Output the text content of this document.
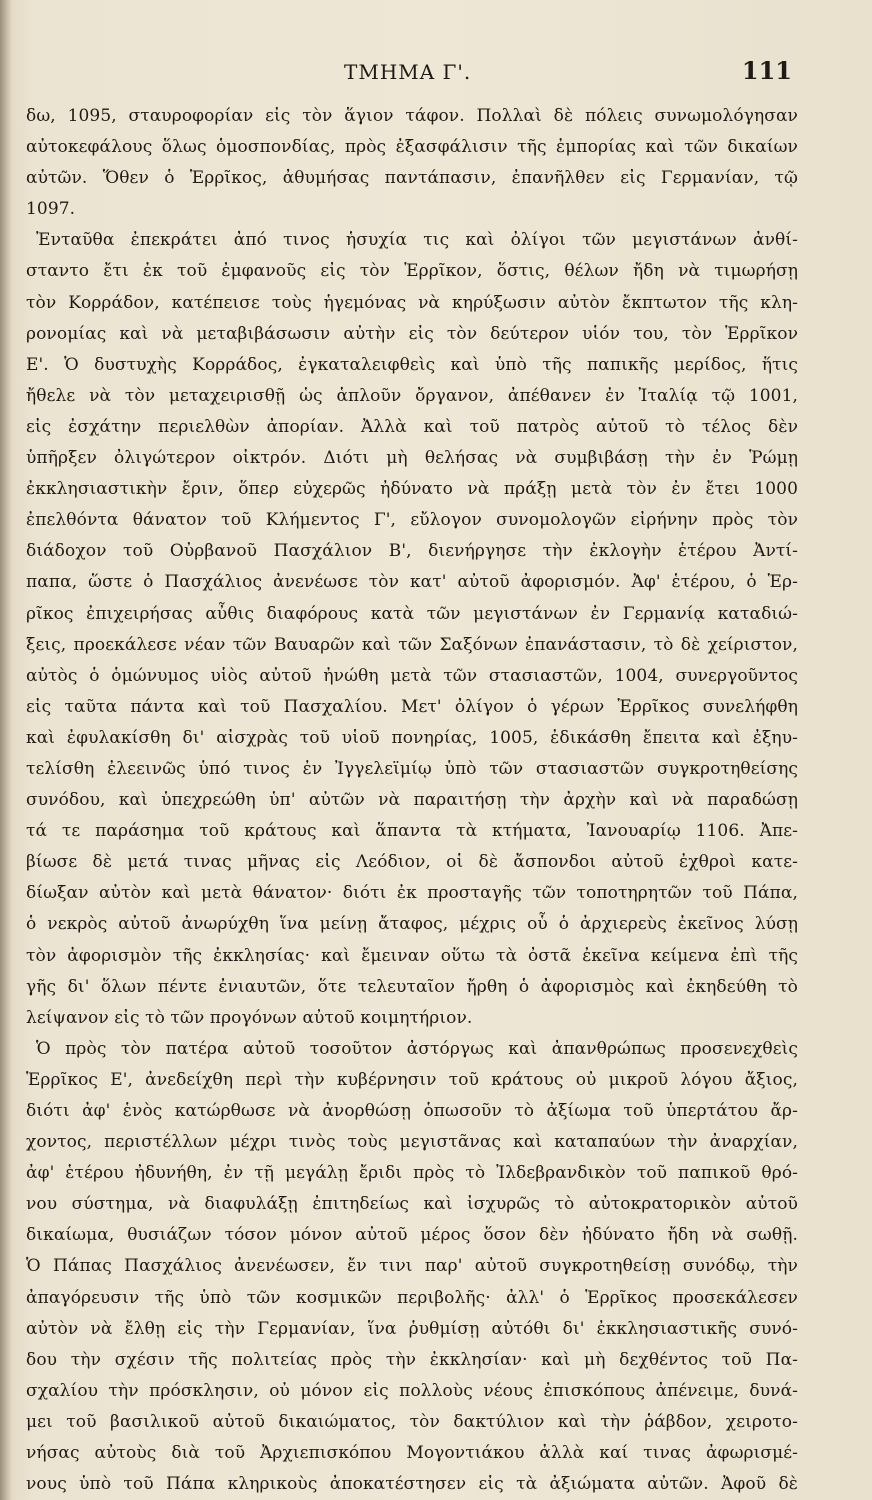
ΤΜΗΜΑ Γ'.	111
δω, 1095, σταυροφορίαν εἰς τὸν ἅγιον τάφον. Πολλαὶ δὲ πόλεις συνωμολόγησαν
αὐτοκεφάλους ὅλως ὁμοσπονδίας, πρὸς ἐξασφάλισιν τῆς ἐμπορίας καὶ τῶν δικαίων
αὐτῶν. Ὅθεν ὁ Ἑρρῖκος, ἀθυμήσας παντάπασιν, ἐπανῆλθεν εἰς Γερμανίαν, τῷ
1097.
Ἐνταῦθα ἐπεκράτει ἀπό τινος ἡσυχία τις καὶ ὀλίγοι τῶν μεγιστάνων ἀνθί-
σταντο ἔτι ἐκ τοῦ ἐμφανοῦς εἰς τὸν Ἑρρῖκον, ὅστις, θέλων ἤδη νὰ τιμωρήσῃ
τὸν Κορράδον, κατέπεισε τοὺς ἡγεμόνας νὰ κηρύξωσιν αὐτὸν ἔκπτωτον τῆς κλη-
ρονομίας καὶ νὰ μεταβιβάσωσιν αὐτὴν εἰς τὸν δεύτερον υἱόν του, τὸν Ἑρρῖκον
Ε'. Ὁ δυστυχὴς Κορράδος, ἐγκαταλειφθεὶς καὶ ὑπὸ τῆς παπικῆς μερίδος, ἥτις
ἤθελε νὰ τὸν μεταχειρισθῇ ὡς ἁπλοῦν ὄργανον, ἀπέθανεν ἐν Ἰταλίᾳ τῷ 1001,
εἰς ἐσχάτην περιελθὼν ἀπορίαν. Ἀλλὰ καὶ τοῦ πατρὸς αὐτοῦ τὸ τέλος δὲν
ὑπῆρξεν ὀλιγώτερον οἰκτρόν. Διότι μὴ θελήσας νὰ συμβιβάσῃ τὴν ἐν Ῥώμῃ
ἐκκλησιαστικὴν ἔριν, ὅπερ εὐχερῶς ἠδύνατο νὰ πράξῃ μετὰ τὸν ἐν ἔτει 1000
ἐπελθόντα θάνατον τοῦ Κλήμεντος Γ', εὔλογον συνομολογῶν εἰρήνην πρὸς τὸν
διάδοχον τοῦ Οὐρβανοῦ Πασχάλιον Β', διενήργησε τὴν ἐκλογὴν ἑτέρου Ἀντί-
παπα, ὥστε ὁ Πασχάλιος ἀνενέωσε τὸν κατ' αὐτοῦ ἀφορισμόν. Ἀφ' ἑτέρου, ὁ Ἑρ-
ρῖκος ἐπιχειρήσας αὖθις διαφόρους κατὰ τῶν μεγιστάνων ἐν Γερμανίᾳ καταδιώ-
ξεις, προεκάλεσε νέαν τῶν Βαυαρῶν καὶ τῶν Σαξόνων ἐπανάστασιν, τὸ δὲ χείριστον,
αὐτὸς ὁ ὁμώνυμος υἱὸς αὐτοῦ ἠνώθη μετὰ τῶν στασιαστῶν, 1004, συνεργοῦντος
εἰς ταῦτα πάντα καὶ τοῦ Πασχαλίου. Μετ' ὀλίγον ὁ γέρων Ἑρρῖκος συνελήφθη
καὶ ἐφυλακίσθη δι' αἰσχρὰς τοῦ υἱοῦ πονηρίας, 1005, ἐδικάσθη ἔπειτα καὶ ἐξηυ-
τελίσθη ἐλεεινῶς ὑπό τινος ἐν Ἰγγελεϊμίῳ ὑπὸ τῶν στασιαστῶν συγκροτηθείσης
συνόδου, καὶ ὑπεχρεώθη ὑπ' αὐτῶν νὰ παραιτήσῃ τὴν ἀρχὴν καὶ νὰ παραδώσῃ
τά τε παράσημα τοῦ κράτους καὶ ἅπαντα τὰ κτήματα, Ἰανουαρίῳ 1106. Ἀπε-
βίωσε δὲ μετά τινας μῆνας εἰς Λεόδιον, οἱ δὲ ἄσπονδοι αὐτοῦ ἐχθροὶ κατε-
δίωξαν αὐτὸν καὶ μετὰ θάνατον· διότι ἐκ προσταγῆς τῶν τοποτηρητῶν τοῦ Πάπα,
ὁ νεκρὸς αὐτοῦ ἀνωρύχθη ἵνα μείνῃ ἄταφος, μέχρις οὗ ὁ ἀρχιερεὺς ἐκεῖνος λύσῃ
τὸν ἀφορισμὸν τῆς ἐκκλησίας· καὶ ἔμειναν οὕτω τὰ ὀστᾶ ἐκεῖνα κείμενα ἐπὶ τῆς
γῆς δι' ὅλων πέντε ἐνιαυτῶν, ὅτε τελευταῖον ἤρθη ὁ ἀφορισμὸς καὶ ἐκηδεύθη τὸ
λείψανον εἰς τὸ τῶν προγόνων αὐτοῦ κοιμητήριον.
Ὁ πρὸς τὸν πατέρα αὐτοῦ τοσοῦτον ἀστόργως καὶ ἀπανθρώπως προσενεχθεὶς
Ἑρρῖκος Ε', ἀνεδείχθη περὶ τὴν κυβέρνησιν τοῦ κράτους οὐ μικροῦ λόγου ἄξιος,
διότι ἀφ' ἑνὸς κατώρθωσε νὰ ἀνορθώσῃ ὁπωσοῦν τὸ ἀξίωμα τοῦ ὑπερτάτου ἄρ-
χοντος, περιστέλλων μέχρι τινὸς τοὺς μεγιστᾶνας καὶ καταπαύων τὴν ἀναρχίαν,
ἀφ' ἑτέρου ἠδυνήθη, ἐν τῇ μεγάλῃ ἔριδι πρὸς τὸ Ἰλδεβρανδικὸν τοῦ παπικοῦ θρό-
νου σύστημα, νὰ διαφυλάξῃ ἐπιτηδείως καὶ ἰσχυρῶς τὸ αὐτοκρατορικὸν αὐτοῦ
δικαίωμα, θυσιάζων τόσον μόνον αὐτοῦ μέρος ὅσον δὲν ἠδύνατο ἤδη νὰ σωθῇ.
Ὁ Πάπας Πασχάλιος ἀνενέωσεν, ἔν τινι παρ' αὐτοῦ συγκροτηθείσῃ συνόδῳ, τὴν
ἀπαγόρευσιν τῆς ὑπὸ τῶν κοσμικῶν περιβολῆς· ἀλλ' ὁ Ἑρρῖκος προσεκάλεσεν
αὐτὸν νὰ ἔλθῃ εἰς τὴν Γερμανίαν, ἵνα ῥυθμίσῃ αὐτόθι δι' ἐκκλησιαστικῆς συνό-
δου τὴν σχέσιν τῆς πολιτείας πρὸς τὴν ἐκκλησίαν· καὶ μὴ δεχθέντος τοῦ Πα-
σχαλίου τὴν πρόσκλησιν, οὐ μόνον εἰς πολλοὺς νέους ἐπισκόπους ἀπένειμε, δυνά-
μει τοῦ βασιλικοῦ αὐτοῦ δικαιώματος, τὸν δακτύλιον καὶ τὴν ῥάβδον, χειροτο-
νήσας αὐτοὺς διὰ τοῦ Ἀρχιεπισκόπου Μογοντιάκου ἀλλὰ καί τινας ἀφωρισμέ-
νους ὑπὸ τοῦ Πάπα κληρικοὺς ἀποκατέστησεν εἰς τὰ ἀξιώματα αὐτῶν. Ἀφοῦ δὲ
